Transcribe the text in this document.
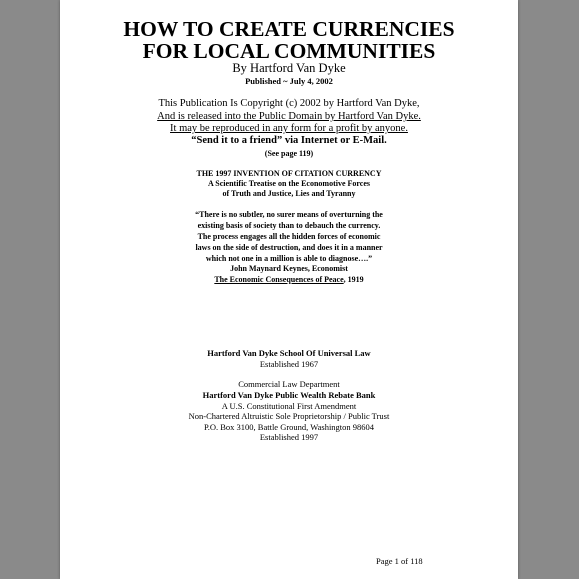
HOW TO CREATE CURRENCIES
FOR LOCAL COMMUNITIES
By Hartford Van Dyke
Published ~ July 4, 2002
This Publication Is Copyright (c) 2002 by Hartford Van Dyke,
And is released into the Public Domain by Hartford Van Dyke.
It may be reproduced in any form for a profit by anyone.
“Send it to a friend” via Internet or E-Mail.
(See page 119)
THE 1997 INVENTION OF CITATION CURRENCY
A Scientific Treatise on the Economotive Forces
of Truth and Justice, Lies and Tyranny
“There is no subtler, no surer means of overturning the
existing basis of society than to debauch the currency.
The process engages all the hidden forces of economic
laws on the side of destruction, and does it in a manner
which not one in a million is able to diagnose….”
John Maynard Keynes, Economist
The Economic Consequences of Peace, 1919
Hartford Van Dyke School Of Universal Law
Established 1967
Commercial Law Department
Hartford Van Dyke Public Wealth Rebate Bank
A U.S. Constitutional First Amendment
Non-Chartered Altruistic Sole Proprietorship / Public Trust
P.O. Box 3100, Battle Ground, Washington 98604
Established 1997
Page 1 of 118
